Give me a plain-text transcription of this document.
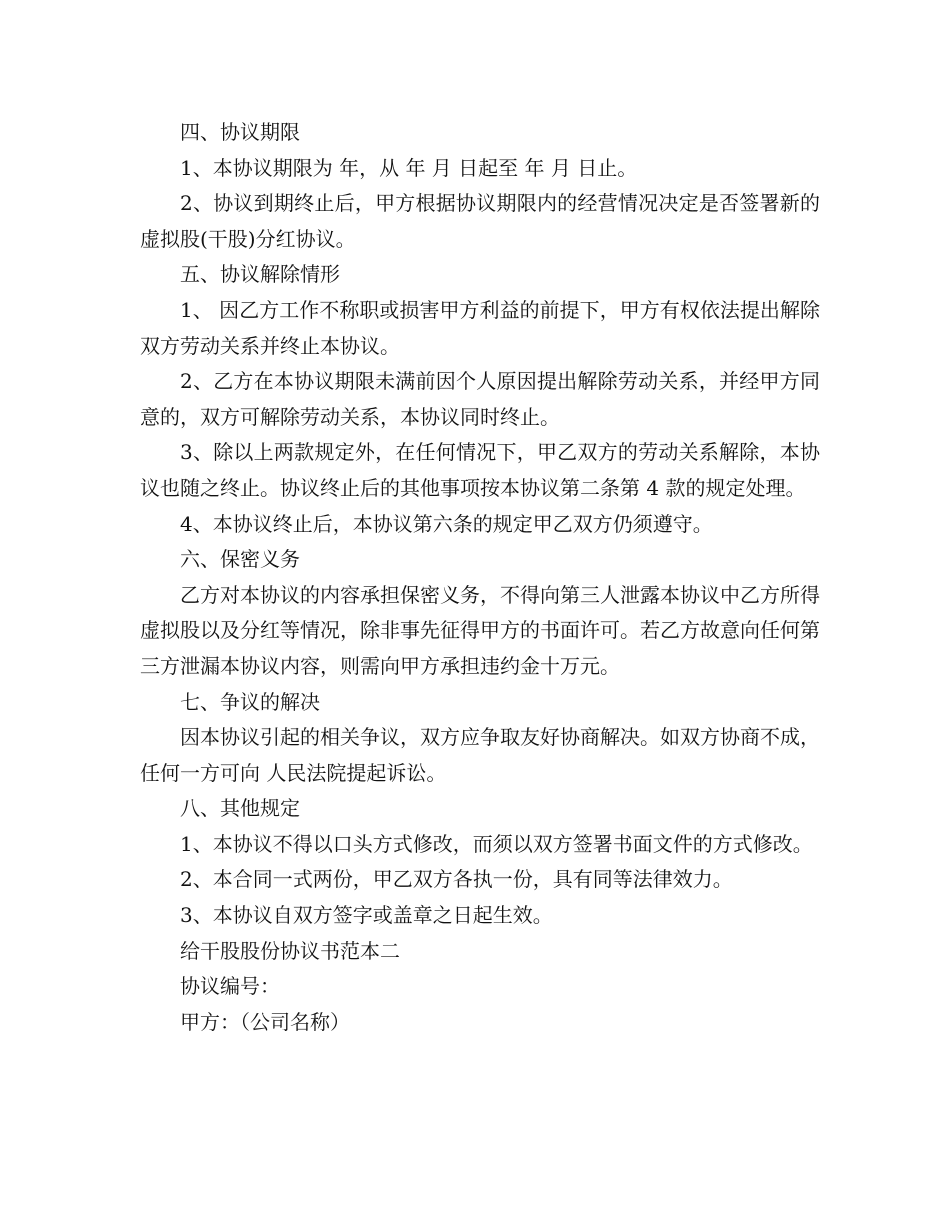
四、协议期限

1、本协议期限为 年，从 年 月 日起至 年 月 日止。

2、协议到期终止后，甲方根据协议期限内的经营情况决定是否签署新的虚拟股(干股)分红协议。

五、协议解除情形

1、 因乙方工作不称职或损害甲方利益的前提下，甲方有权依法提出解除双方劳动关系并终止本协议。

2、乙方在本协议期限未满前因个人原因提出解除劳动关系，并经甲方同意的，双方可解除劳动关系，本协议同时终止。

3、除以上两款规定外，在任何情况下，甲乙双方的劳动关系解除，本协议也随之终止。协议终止后的其他事项按本协议第二条第 4 款的规定处理。

4、本协议终止后，本协议第六条的规定甲乙双方仍须遵守。

六、保密义务

乙方对本协议的内容承担保密义务，不得向第三人泄露本协议中乙方所得虚拟股以及分红等情况，除非事先征得甲方的书面许可。若乙方故意向任何第三方泄漏本协议内容，则需向甲方承担违约金十万元。

七、争议的解决

因本协议引起的相关争议，双方应争取友好协商解决。如双方协商不成，任何一方可向 人民法院提起诉讼。

八、其他规定

1、本协议不得以口头方式修改，而须以双方签署书面文件的方式修改。

2、本合同一式两份，甲乙双方各执一份，具有同等法律效力。

3、本协议自双方签字或盖章之日起生效。

给干股股份协议书范本二

协议编号：

甲方：（公司名称）
